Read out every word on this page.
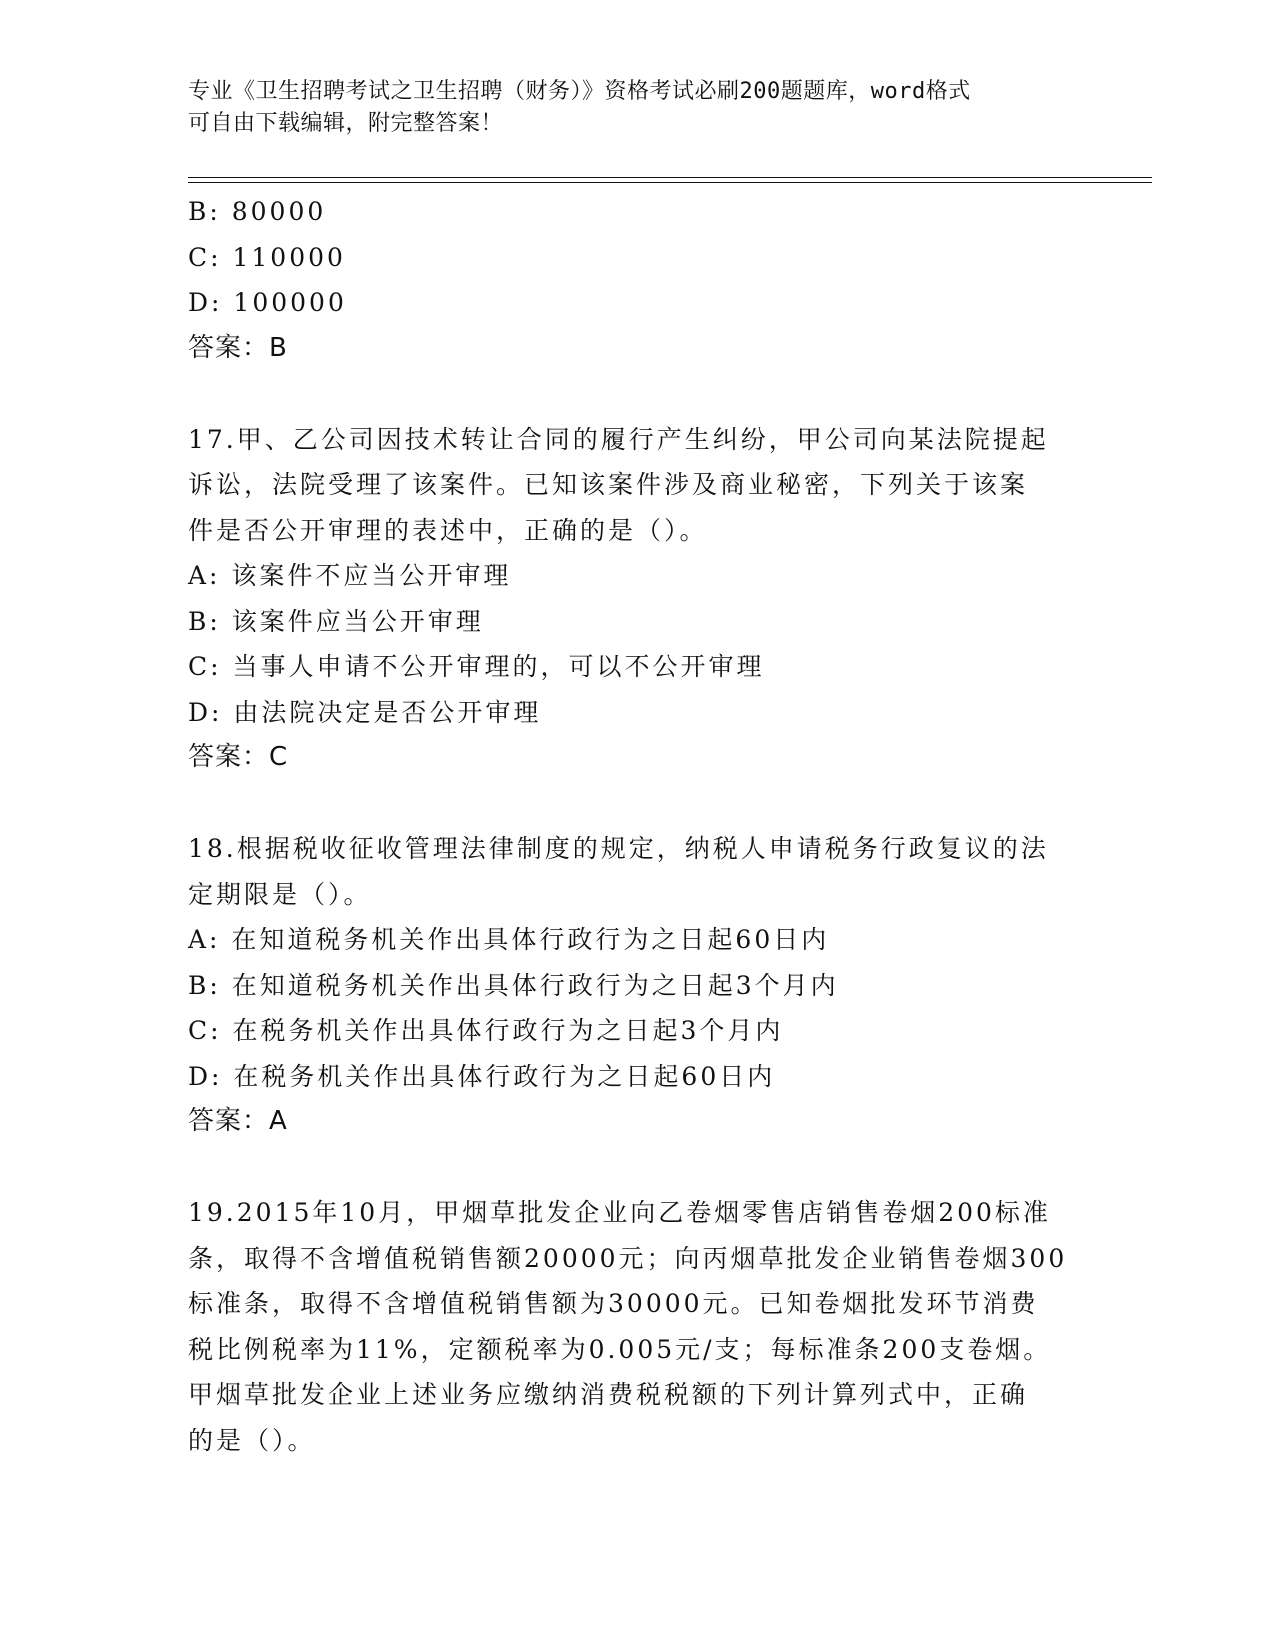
专业《卫生招聘考试之卫生招聘（财务）》资格考试必刷200题题库，word格式
可自由下载编辑，附完整答案！
B: 80000
C: 110000
D: 100000
答案：B
17.甲、乙公司因技术转让合同的履行产生纠纷，甲公司向某法院提起
诉讼，法院受理了该案件。已知该案件涉及商业秘密，下列关于该案
件是否公开审理的表述中，正确的是（）。
A: 该案件不应当公开审理
B: 该案件应当公开审理
C: 当事人申请不公开审理的，可以不公开审理
D: 由法院决定是否公开审理
答案：C
18.根据税收征收管理法律制度的规定，纳税人申请税务行政复议的法
定期限是（）。
A: 在知道税务机关作出具体行政行为之日起60日内
B: 在知道税务机关作出具体行政行为之日起3个月内
C: 在税务机关作出具体行政行为之日起3个月内
D: 在税务机关作出具体行政行为之日起60日内
答案：A
19.2015年10月，甲烟草批发企业向乙卷烟零售店销售卷烟200标准
条，取得不含增值税销售额20000元；向丙烟草批发企业销售卷烟300
标准条，取得不含增值税销售额为30000元。已知卷烟批发环节消费
税比例税率为11%，定额税率为0.005元/支；每标准条200支卷烟。
甲烟草批发企业上述业务应缴纳消费税税额的下列计算列式中，正确
的是（）。
